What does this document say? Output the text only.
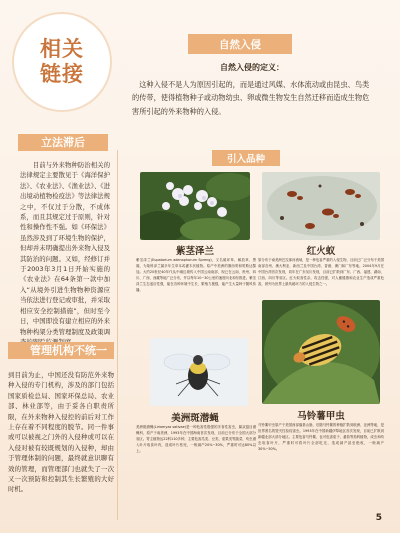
相关
链接
立法滞后

目前与外来物种防治相关的法律规定主要散见于《海洋保护法》、《农业法》、《渔业法》、《进出境动植物检疫法》等法律法规之中，不仅过于分散，不成体系，而且其规定过于原则，针对性和操作性不强。如《环保法》虽然涉及到了环境生物的保护，但却并未明确提出外来物入侵及其防治的问题。又如，经修订并于2003年3月1日开始实施的《农业法》在64条第一款中加入“从境外引进生物物种资源应当依法进行登记或审批，并采取相应安全控制措施”，但时至今日，中国即没有建立相应的外来物种构架分类管理制度及政策调

管理机构不统一

到目前为止，中国还没有防范外来物种入侵的专门机构，涉及的部门包括国家质检总局、国家环保总局、农业部、林业部等，由于妥各自职责所限，在外来物种入侵控的前后对工作上存在着不同程度的脱节。同一件事或可以被视之门外的入侵种或可以在入侵对被有较既规划的入侵种，却由于管理体制的问题，最终就意识聊有效的管理，而管理部门也就失了一次又一次预防和控制其生长繁殖的大好时机。

自然入侵
自然入侵的定义：
这种入侵不是人为原因引起的，而是通过风媒、水体流动或由昆虫、鸟类的传带，使得植物种子或动物幼虫、卵或微生物发生自然迁移而造成生物危害所引起的外来物种的入侵。
引入品种
紫茎泽兰
紫茎泽兰(Eupatorium adenophorum Spreng)，又名破坏草、解放草、黑藻、为菊科泽兰属多年生草本或灌木状植物。原产中美洲的墨西哥和哥斯达黎加。大约20世纪40年代从中缅边境传入中国云南南部，现已在云南、贵州、四川、广西、西藏等地广泛分布，并以每年10~30公里的速度向北和东推进。紫茎泽兰生态适应性强，能在各种环境中生长，繁殖力极强，能产生大量种子随风传播。
红火蚁
原分布于南美洲巴拉那河流域，是一种危害严重的入侵生物，目前已广泛分布于美国南部各州、澳大利亚、新西兰及中国台湾、香港、澳门和广东等地。2004年9月在中国台湾首次发现，同年在广东吴川发现，目前已扩散到广东、广西、福建、湖南、江西、四川等省区。红火蚁食性杂，攻击性强，对人畜健康和农业生产造成严重危害，被列为世界上最具破坏力的入侵生物之一。
美洲斑潜蝇
美洲斑潜蝇(Liriomyza sativae)是一种危害性极强的多食性害虫，属双翅目潜蝇科，原产于南美洲，1993年在中国海南首次发现，目前已分布于全国大部分省区。寄主植物达22科110多种，主要危害瓜类、豆类、茄果类等蔬菜，幼虫潜入叶片取食叶肉，造成叶片枯死，一般减产20%~30%，严重时可达80%以上。
马铃薯甲虫
马铃薯甲虫原产于美国西部落基山脉，后随马铃薯的种植扩散到欧洲、亚洲等地，是世界著名的毁灭性检疫害虫。1993年在中国新疆伊犁地区首次发现，目前已扩散到新疆北部大部分地区。主要危害马铃薯，也可危害茄子、番茄等茄科植物，成虫和幼虫取食叶片，严重时可将叶片全部吃光，造成减产甚至绝收，一般减产30%~50%。
5
